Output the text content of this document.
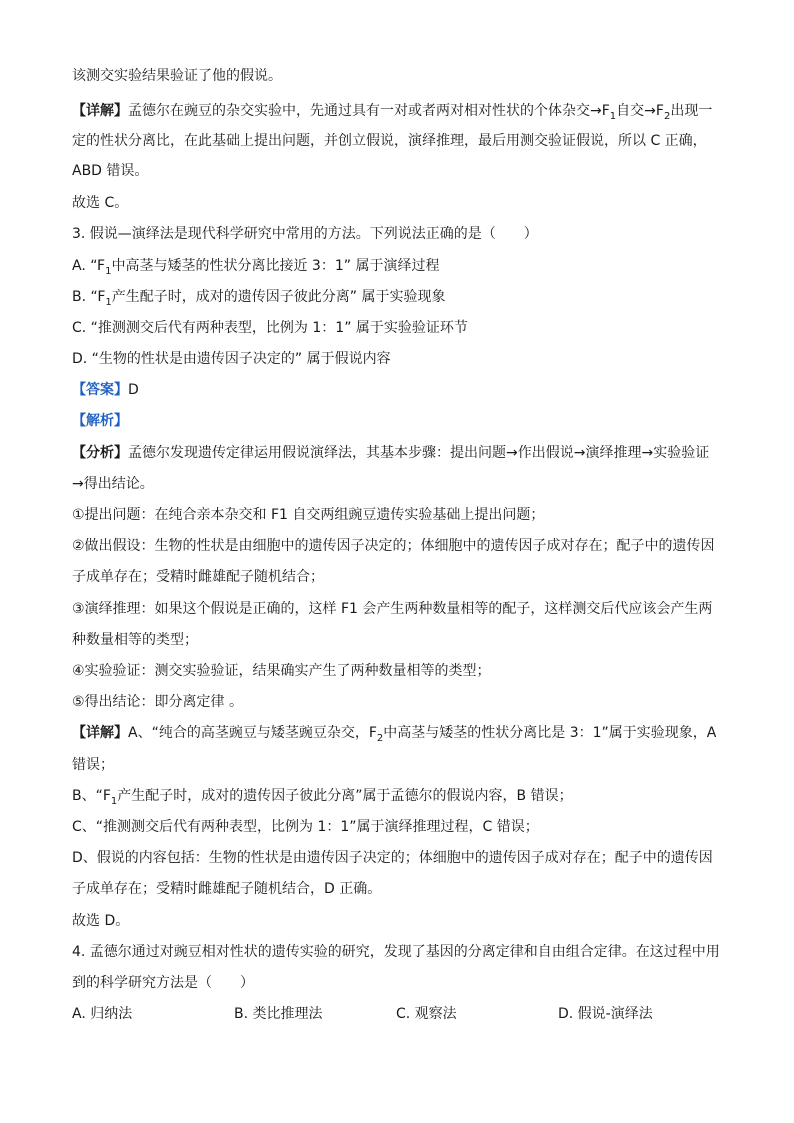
该测交实验结果验证了他的假说。
【详解】孟德尔在豌豆的杂交实验中，先通过具有一对或者两对相对性状的个体杂交$\to F_1$自交$\to F_2$出现一
定的性状分离比，在此基础上提出问题，并创立假说，演绎推理，最后用测交验证假说，所以 C 正确，
ABD 错误。
故选 C。
3. 假说—演绎法是现代科学研究中常用的方法。下列说法正确的是（　　）
A. “$F_1$中高茎与矮茎的性状分离比接近 3：1” 属于演绎过程
B. “$F_1$产生配子时，成对的遗传因子彼此分离” 属于实验现象
C. “推测测交后代有两种表型，比例为 1：1” 属于实验验证环节
D. “生物的性状是由遗传因子决定的” 属于假说内容
【答案】D
【解析】
【分析】孟德尔发现遗传定律运用假说演绎法，其基本步骤：提出问题→作出假说→演绎推理→实验验证
→得出结论。
①提出问题：在纯合亲本杂交和 F1 自交两组豌豆遗传实验基础上提出问题；
②做出假设：生物的性状是由细胞中的遗传因子决定的；体细胞中的遗传因子成对存在；配子中的遗传因
子成单存在；受精时雌雄配子随机结合；
③演绎推理：如果这个假说是正确的，这样 F1 会产生两种数量相等的配子，这样测交后代应该会产生两
种数量相等的类型；
④实验验证：测交实验验证，结果确实产生了两种数量相等的类型；
⑤得出结论：即分离定律 。
【详解】A、“纯合的高茎豌豆与矮茎豌豆杂交，$F_2$中高茎与矮茎的性状分离比是 3：1”属于实验现象，A
错误；
B、“$F_1$产生配子时，成对的遗传因子彼此分离”属于孟德尔的假说内容，B 错误；
C、“推测测交后代有两种表型，比例为 1：1”属于演绎推理过程，C 错误；
D、假说的内容包括：生物的性状是由遗传因子决定的；体细胞中的遗传因子成对存在；配子中的遗传因
子成单存在；受精时雌雄配子随机结合，D 正确。
故选 D。
4. 孟德尔通过对豌豆相对性状的遗传实验的研究，发现了基因的分离定律和自由组合定律。在这过程中用
到的科学研究方法是（　　）
A. 归纳法	B. 类比推理法	C. 观察法	D. 假说-演绎法
